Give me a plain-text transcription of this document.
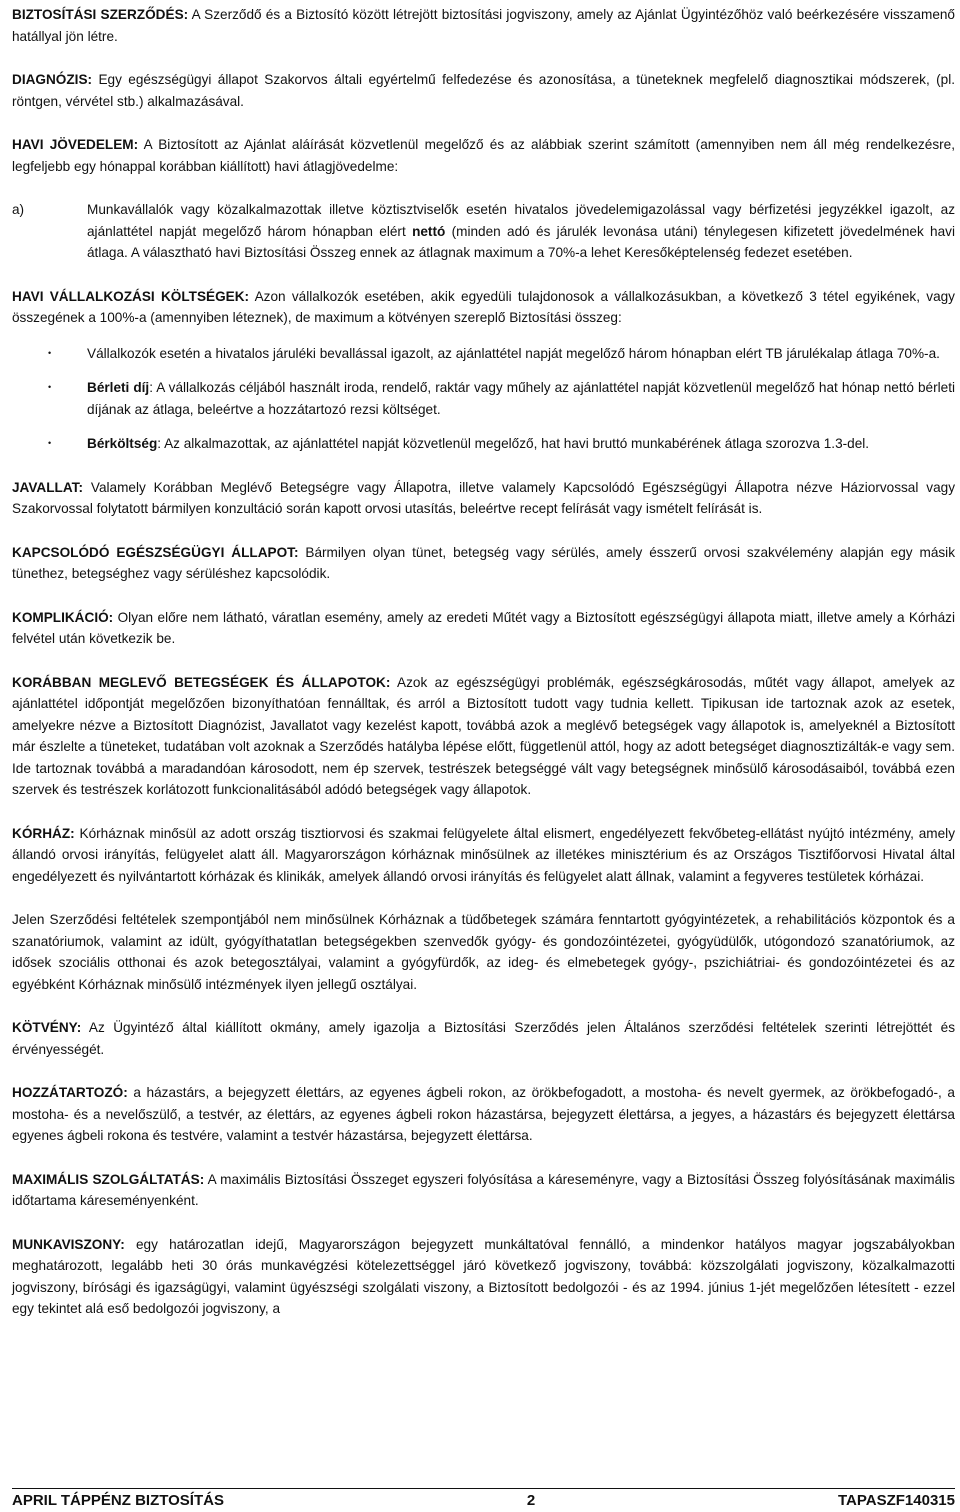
BIZTOSÍTÁSI SZERZŐDÉS: A Szerződő és a Biztosító között létrejött biztosítási jogviszony, amely az Ajánlat Ügyintézőhöz való beérkezésére visszamenő hatállyal jön létre.

DIAGNÓZIS: Egy egészségügyi állapot Szakorvos általi egyértelmű felfedezése és azonosítása, a tüneteknek megfelelő diagnosztikai módszerek, (pl. röntgen, vérvétel stb.) alkalmazásával.

HAVI JÖVEDELEM: A Biztosított az Ajánlat aláírását közvetlenül megelőző és az alábbiak szerint számított (amennyiben nem áll még rendelkezésre, legfeljebb egy hónappal korábban kiállított) havi átlagjövedelme:

a)	Munkavállalók vagy közalkalmazottak illetve köztisztviselők esetén hivatalos jövedelemigazolással vagy bérfizetési jegyzékkel igazolt, az ajánlattétel napját megelőző három hónapban elért nettó (minden adó és járulék levonása utáni) ténylegesen kifizetett jövedelmének havi átlaga. A választható havi Biztosítási Összeg ennek az átlagnak maximum a 70%-a lehet Keresőképtelenség fedezet esetében.

HAVI VÁLLALKOZÁSI KÖLTSÉGEK: Azon vállalkozók esetében, akik egyedüli tulajdonosok a vállalkozásukban, a következő 3 tétel egyikének, vagy összegének a 100%-a (amennyiben léteznek), de maximum a kötvényen szereplő Biztosítási összeg:

•	Vállalkozók esetén a hivatalos járuléki bevallással igazolt, az ajánlattétel napját megelőző három hónapban elért TB járulékalap átlaga 70%-a.
•	Bérleti díj: A vállalkozás céljából használt iroda, rendelő, raktár vagy műhely az ajánlattétel napját közvetlenül megelőző hat hónap nettó bérleti díjának az átlaga, beleértve a hozzátartozó rezsi költséget.
•	Bérköltség: Az alkalmazottak, az ajánlattétel napját közvetlenül megelőző, hat havi bruttó munkabérének átlaga szorozva 1.3-del.

JAVALLAT: Valamely Korábban Meglévő Betegségre vagy Állapotra, illetve valamely Kapcsolódó Egészségügyi Állapotra nézve Háziorvossal vagy Szakorvossal folytatott bármilyen konzultáció során kapott orvosi utasítás, beleértve recept felírását vagy ismételt felírását is.

KAPCSOLÓDÓ EGÉSZSÉGÜGYI ÁLLAPOT: Bármilyen olyan tünet, betegség vagy sérülés, amely ésszerű orvosi szakvélemény alapján egy másik tünethez, betegséghez vagy sérüléshez kapcsolódik.

KOMPLIKÁCIÓ: Olyan előre nem látható, váratlan esemény, amely az eredeti Műtét vagy a Biztosított egészségügyi állapota miatt, illetve amely a Kórházi felvétel után következik be.

KORÁBBAN MEGLEVŐ BETEGSÉGEK ÉS ÁLLAPOTOK: Azok az egészségügyi problémák, egészségkárosodás, műtét vagy állapot, amelyek az ajánlattétel időpontját megelőzően bizonyíthatóan fennálltak, és arról a Biztosított tudott vagy tudnia kellett. Tipikusan ide tartoznak azok az esetek, amelyekre nézve a Biztosított Diagnózist, Javallatot vagy kezelést kapott, továbbá azok a meglévő betegségek vagy állapotok is, amelyeknél a Biztosított már észlelte a tüneteket, tudatában volt azoknak a Szerződés hatályba lépése előtt, függetlenül attól, hogy az adott betegséget diagnosztizálták-e vagy sem. Ide tartoznak továbbá a maradandóan károsodott, nem ép szervek, testrészek betegséggé vált vagy betegségnek minősülő károsodásaiból, továbbá ezen szervek és testrészek korlátozott funkcionalitásából adódó betegségek vagy állapotok.

KÓRHÁZ: Kórháznak minősül az adott ország tisztiorvosi és szakmai felügyelete által elismert, engedélyezett fekvőbeteg-ellátást nyújtó intézmény, amely állandó orvosi irányítás, felügyelet alatt áll. Magyarországon kórháznak minősülnek az illetékes minisztérium és az Országos Tisztifőorvosi Hivatal által engedélyezett és nyilvántartott kórházak és klinikák, amelyek állandó orvosi irányítás és felügyelet alatt állnak, valamint a fegyveres testületek kórházai.

Jelen Szerződési feltételek szempontjából nem minősülnek Kórháznak a tüdőbetegek számára fenntartott gyógyintézetek, a rehabilitációs központok és a szanatóriumok, valamint az idült, gyógyíthatatlan betegségekben szenvedők gyógy- és gondozóintézetei, gyógyüdülők, utógondozó szanatóriumok, az idősek szociális otthonai és azok betegosztályai, valamint a gyógyfürdők, az ideg- és elmebetegek gyógy-, pszichiátriai- és gondozóintézetei és az egyébként Kórháznak minősülő intézmények ilyen jellegű osztályai.

KÖTVÉNY: Az Ügyintéző által kiállított okmány, amely igazolja a Biztosítási Szerződés jelen Általános szerződési feltételek szerinti létrejöttét és érvényességét.

HOZZÁTARTOZÓ: a házastárs, a bejegyzett élettárs, az egyenes ágbeli rokon, az örökbefogadott, a mostoha- és nevelt gyermek, az örökbefogadó-, a mostoha- és a nevelőszülő, a testvér, az élettárs, az egyenes ágbeli rokon házastársa, bejegyzett élettársa, a jegyes, a házastárs és bejegyzett élettársa egyenes ágbeli rokona és testvére, valamint a testvér házastársa, bejegyzett élettársa.

MAXIMÁLIS SZOLGÁLTATÁS: A maximális Biztosítási Összeget egyszeri folyósítása a káreseményre, vagy a Biztosítási Összeg folyósításának maximális időtartama káreseményenként.

MUNKAVISZONY: egy határozatlan idejű, Magyarországon bejegyzett munkáltatóval fennálló, a mindenkor hatályos magyar jogszabályokban meghatározott, legalább heti 30 órás munkavégzési kötelezettséggel járó következő jogviszony, továbbá: közszolgálati jogviszony, közalkalmazotti jogviszony, bírósági és igazságügyi, valamint ügyészségi szolgálati viszony, a Biztosított bedolgozói - és az 1994. június 1-jét megelőzően létesített - ezzel egy tekintet alá eső bedolgozói jogviszony, a

APRIL TÁPPÉNZ BIZTOSÍTÁS	2	TAPASZF140315
